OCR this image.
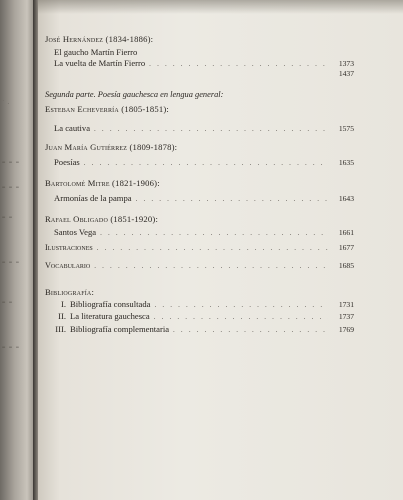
` .
≡ ≡ ≡
≡ ≡ ≡
≡ ≡
≡ ≡ ≡
≡ ≡
≡ ≡ ≡
José Hernández (1834-1886):
El gaucho Martín Fierro
La vuelta de Martín Fierro . . .	1373
1437
Segunda parte. Poesía gauchesca en lengua general:
Esteban Echeverría (1805-1851):
La cautiva . . .	1575
Juan María Gutiérrez (1809-1878):
Poesías . . .	1635
Bartolomé Mitre (1821-1906):
Armonías de la pampa . . .	1643
Rafael Obligado (1851-1920):
Santos Vega . . .	1661
Ilustraciones . . .	1677
Vocabulario . . .	1685
Bibliografía:
I. Bibliografía consultada . . .	1731
II. La literatura gauchesca . . .	1737
III. Bibliografía complementaria . . .	1769
